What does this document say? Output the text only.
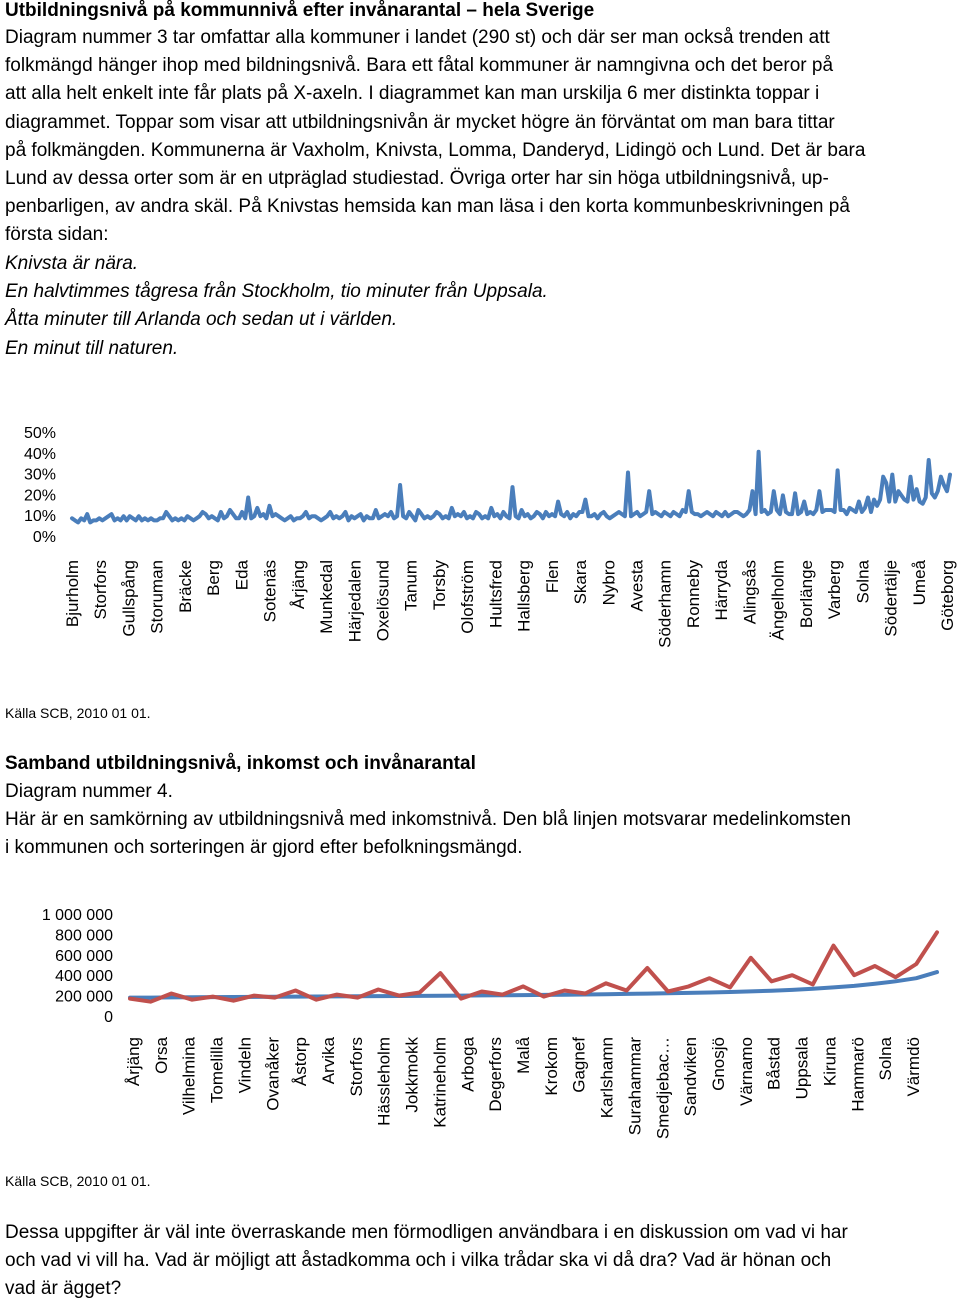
Utbildningsnivå på kommunnivå efter invånarantal – hela Sverige
Diagram nummer 3 tar omfattar alla kommuner i landet (290 st) och där ser man också trenden att
folkmängd hänger ihop med bildningsnivå. Bara ett fåtal kommuner är namngivna och det beror på
att alla helt enkelt inte får plats på X-axeln. I diagrammet kan man urskilja 6 mer distinkta toppar i
diagrammet. Toppar som visar att utbildningsnivån är mycket högre än förväntat om man bara tittar
på folkmängden. Kommunerna är Vaxholm, Knivsta, Lomma, Danderyd, Lidingö och Lund. Det är bara
Lund av dessa orter som är en utpräglad studiestad. Övriga orter har sin höga utbildningsnivå, up-
penbarligen, av andra skäl. På Knivstas hemsida kan man läsa i den korta kommunbeskrivningen på
första sidan:
Knivsta är nära.
En halvtimmes tågresa från Stockholm, tio minuter från Uppsala.
Åtta minuter till Arlanda och sedan ut i världen.
En minut till naturen.
50%
40%
30%
20%
10%
0%
Bjurholm Storfors Gullspång Storuman Bräcke Berg Eda Sotenäs Årjäng Munkedal Härjedalen Oxelösund Tanum Torsby Olofström Hultsfred Hallsberg Flen Skara Nybro Avesta Söderhamn Ronneby Härryda Alingsås Ängelholm Borlänge Varberg Solna Södertälje Umeå Göteborg
Källa SCB, 2010 01 01.
Samband utbildningsnivå, inkomst och invånarantal
Diagram nummer 4.
Här är en samkörning av utbildningsnivå med inkomstnivå. Den blå linjen motsvarar medelinkomsten
i kommunen och sorteringen är gjord efter befolkningsmängd.
1 000 000
800 000
600 000
400 000
200 000
0
Årjäng Orsa Vilhelmina Tomelilla Vindeln Ovanåker Åstorp Arvika Storfors Hässleholm Jokkmokk Katrineholm Arboga Degerfors Malå Krokom Gagnef Karlshamn Surahammar Smedjebac… Sandviken Gnosjö Värnamo Båstad Uppsala Kiruna Hammarö Solna Värmdö
Källa SCB, 2010 01 01.
Dessa uppgifter är väl inte överraskande men förmodligen användbara i en diskussion om vad vi har
och vad vi vill ha. Vad är möjligt att åstadkomma och i vilka trådar ska vi då dra? Vad är hönan och
vad är ägget?
